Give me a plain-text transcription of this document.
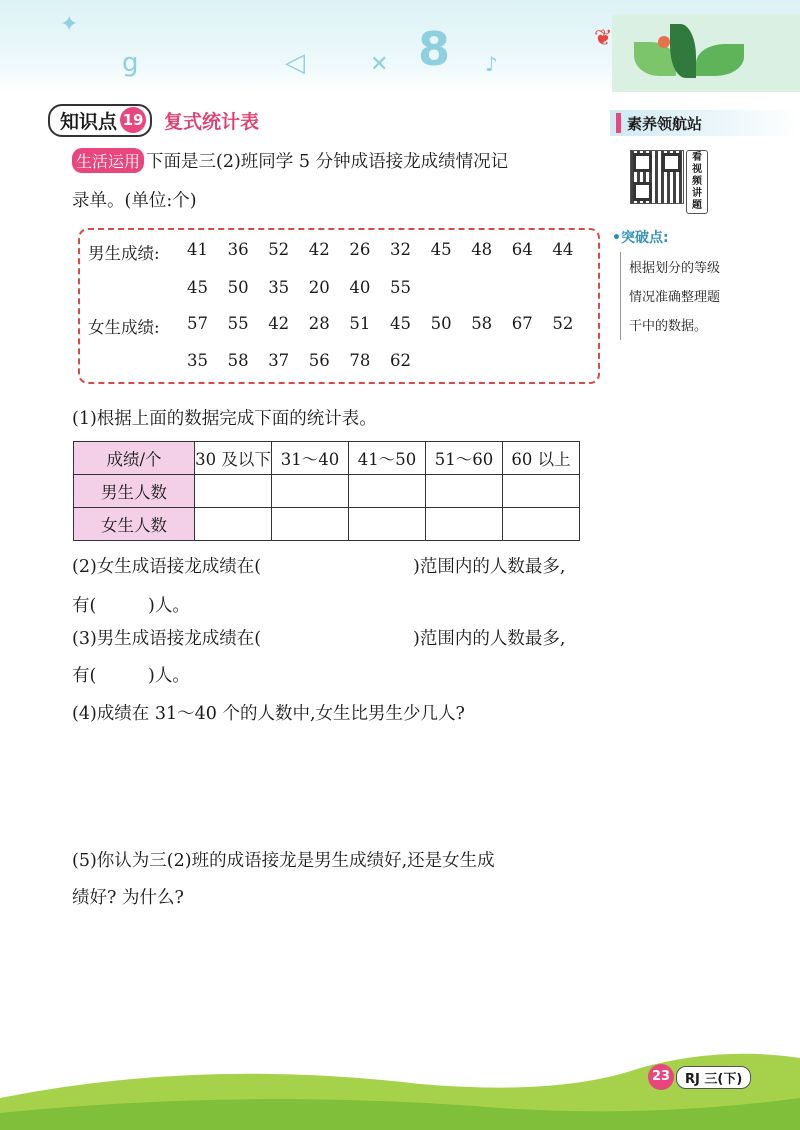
✦
g	◁	✕ 8 ♪
❦
知识点 19 复式统计表	素养领航站
看视频讲题
•突破点:
根据划分的等级
情况准确整理题
干中的数据。
生活运用 下面是三(2)班同学 5 分钟成语接龙成绩情况记
录单。(单位:个)
男生成绩: 41 36 52 42 26 32 45 48 64 44
45 50 35 20 40 55
女生成绩: 57 55 42 28 51 45 50 58 67 52
35 58 37 56 78 62
(1)根据上面的数据完成下面的统计表。
成绩/个	30 及以下	31～40	41～50	51～60	60 以上
男生人数					
女生人数					
(2)女生成语接龙成绩在(	)范围内的人数最多,
有(	)人。
(3)男生成语接龙成绩在(	)范围内的人数最多,
有(	)人。
(4)成绩在 31～40 个的人数中,女生比男生少几人?
(5)你认为三(2)班的成语接龙是男生成绩好,还是女生成
绩好? 为什么?
23	RJ 三(下)
